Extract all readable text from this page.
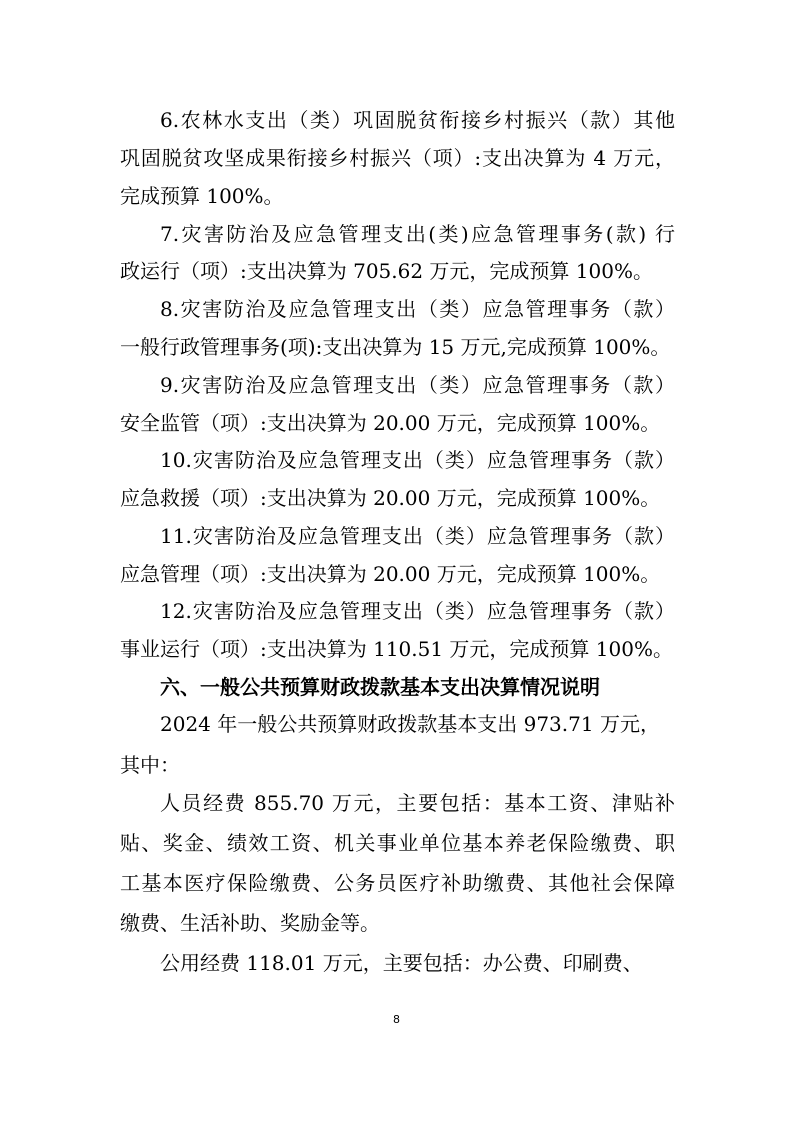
6.农林水支出（类）巩固脱贫衔接乡村振兴（款）其他
巩固脱贫攻坚成果衔接乡村振兴（项）:支出决算为 4 万元，
完成预算 100%。
7.灾害防治及应急管理支出(类)应急管理事务(款) 行
政运行（项）:支出决算为 705.62 万元，完成预算 100%。
8.灾害防治及应急管理支出（类）应急管理事务（款）
一般行政管理事务(项):支出决算为 15 万元,完成预算 100%。
9.灾害防治及应急管理支出（类）应急管理事务（款）
安全监管（项）:支出决算为 20.00 万元，完成预算 100%。
10.灾害防治及应急管理支出（类）应急管理事务（款）
应急救援（项）:支出决算为 20.00 万元，完成预算 100%。
11.灾害防治及应急管理支出（类）应急管理事务（款）
应急管理（项）:支出决算为 20.00 万元，完成预算 100%。
12.灾害防治及应急管理支出（类）应急管理事务（款）
事业运行（项）:支出决算为 110.51 万元，完成预算 100%。
六、一般公共预算财政拨款基本支出决算情况说明
2024 年一般公共预算财政拨款基本支出 973.71 万元，
其中：
人员经费 855.70 万元，主要包括：基本工资、津贴补
贴、奖金、绩效工资、机关事业单位基本养老保险缴费、职
工基本医疗保险缴费、公务员医疗补助缴费、其他社会保障
缴费、生活补助、奖励金等。
公用经费 118.01 万元，主要包括：办公费、印刷费、
8
